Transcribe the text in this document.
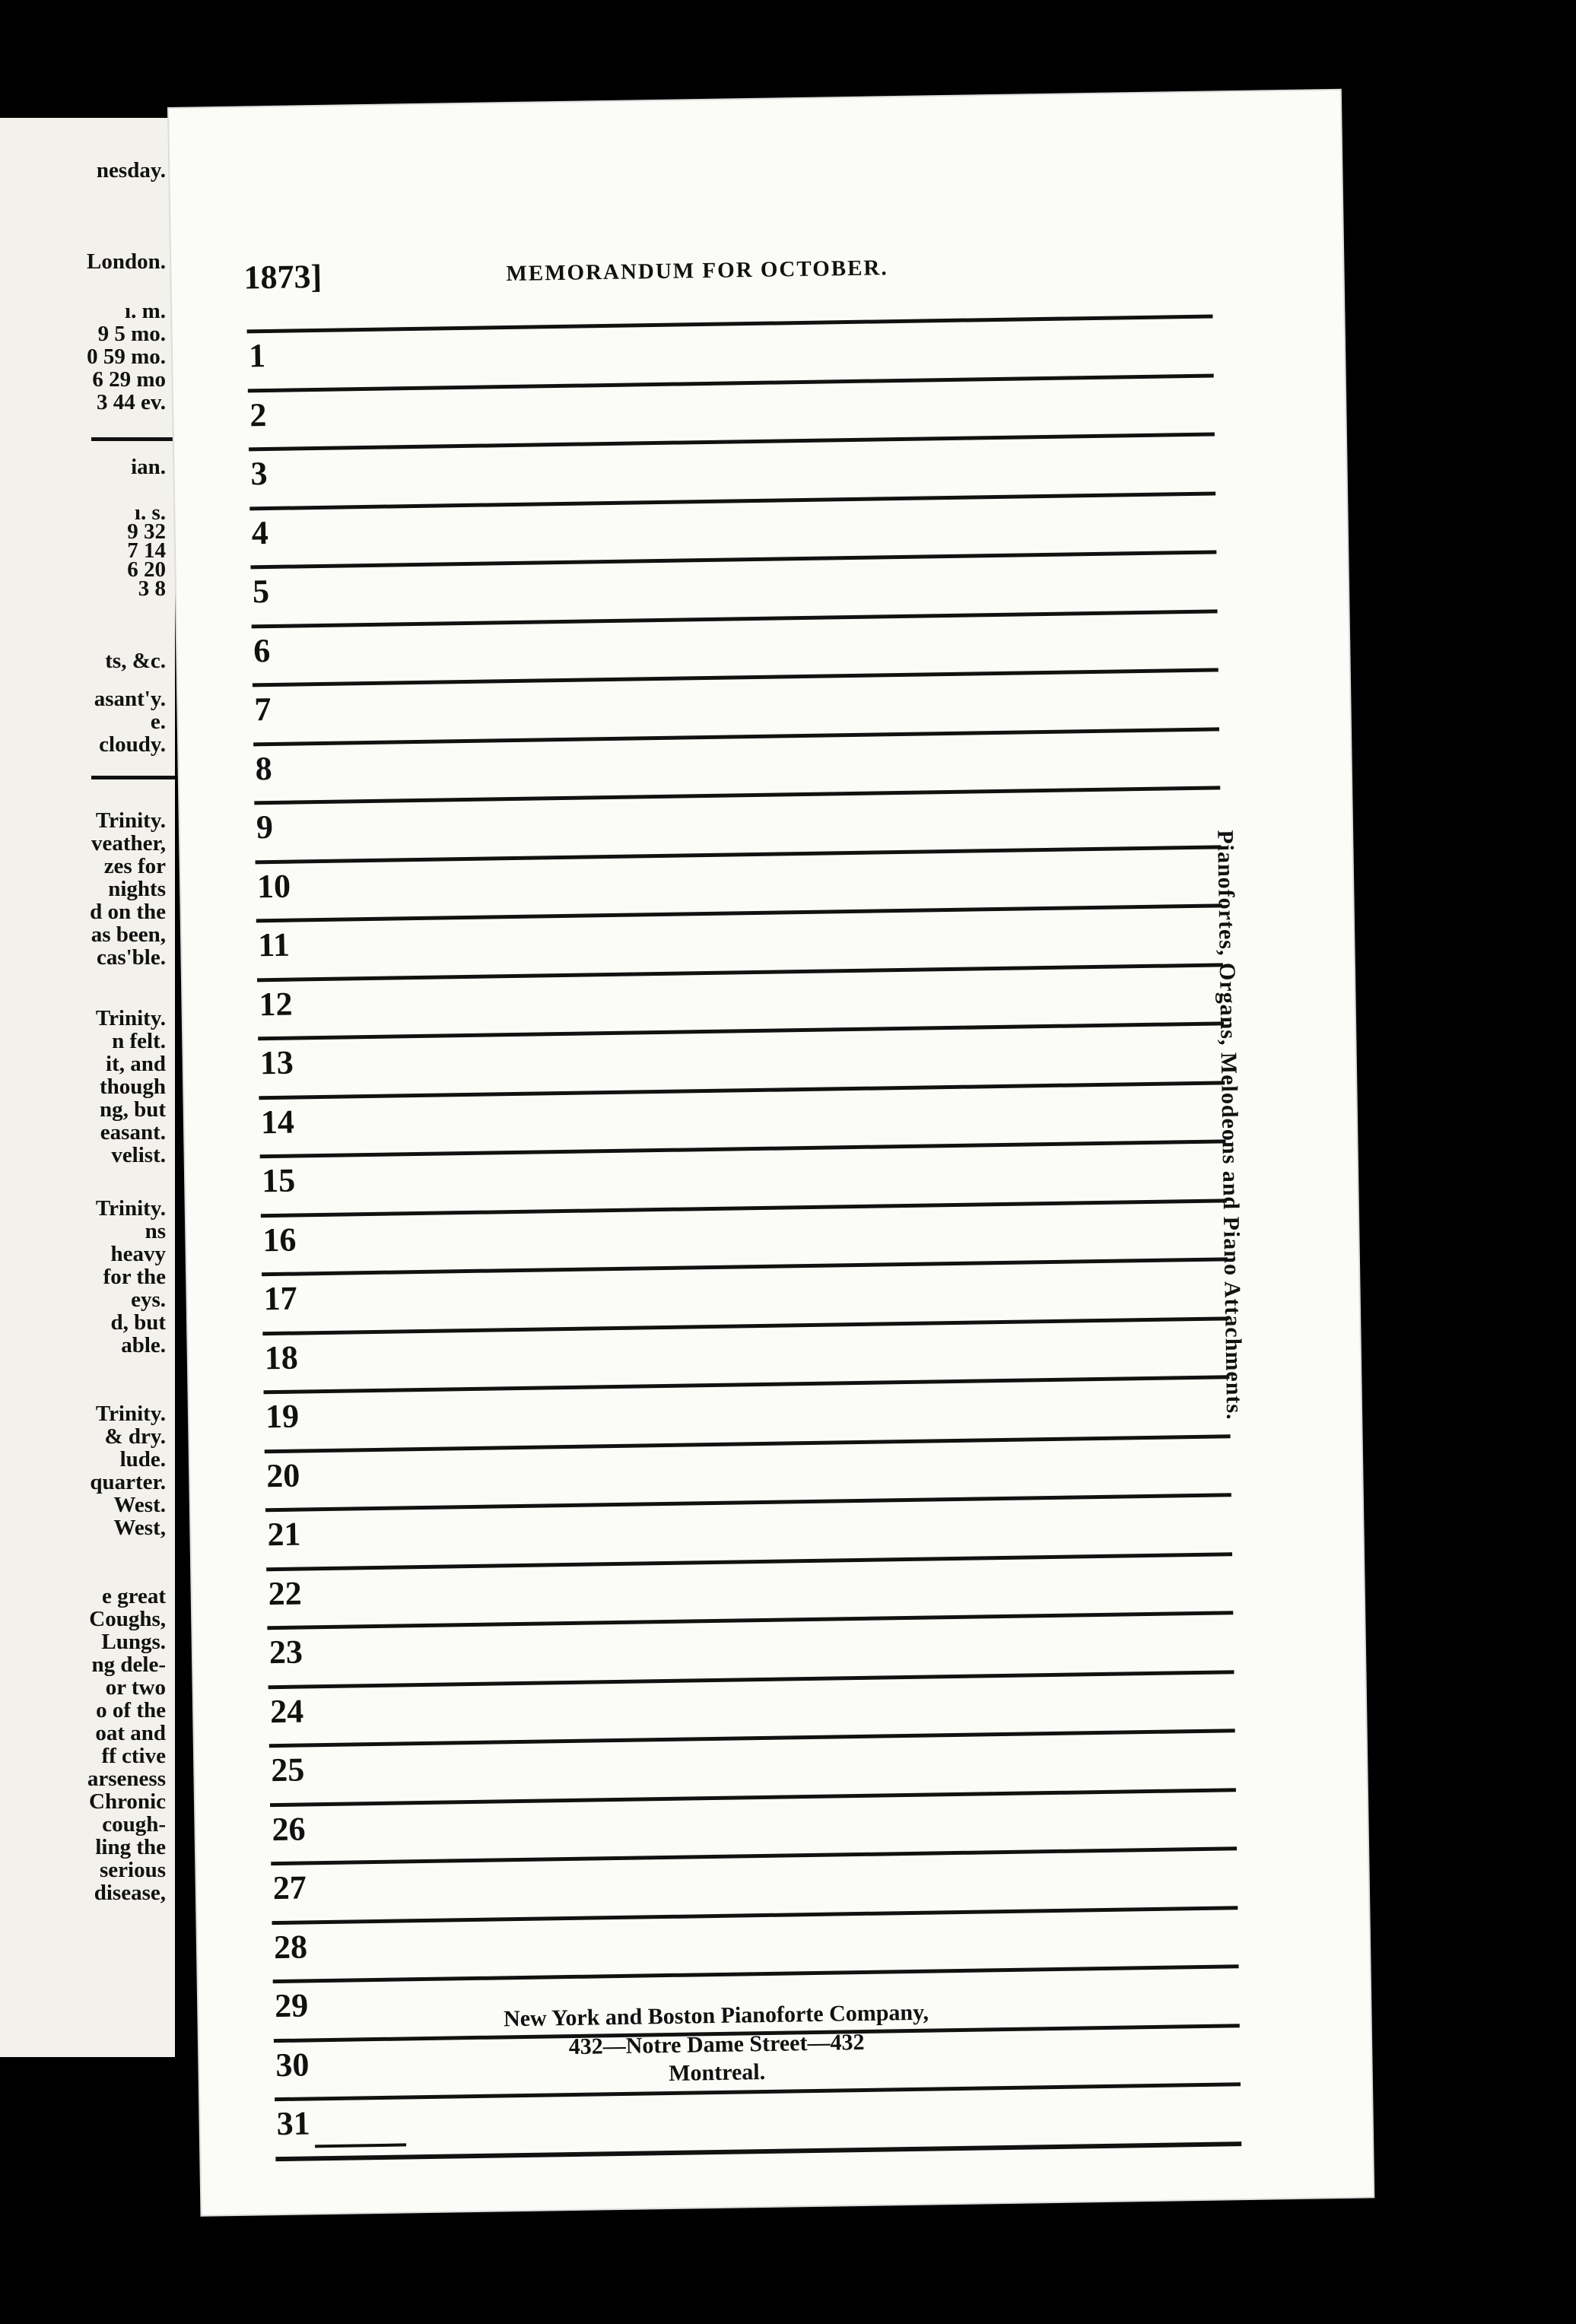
nesday.
London.
ı. m.
9 5 mo.
0 59 mo.
6 29 mo
3 44 ev.
ian.
ı. s.
9 32
7 14
6 20
3 8
ts, &c.
asant'y.
e.
cloudy.
Trinity.
veather,
zes for
nights
d on the
as been,
cas'ble.
Trinity.
n felt.
it, and
though
ng, but
easant.
velist.
Trinity.
ns
heavy
for the
eys.
d, but
able.
Trinity.
& dry.
lude.
quarter.
West.
West,
e great
Coughs,
Lungs.
ng dele-
or two
o of the
oat and
ff ctive
arseness
Chronic
cough-
ling the
serious
disease,
1873]	MEMORANDUM FOR OCTOBER.
1
2
3
4
5
6
7
8
9
10
11
12
13
14
15
16
17
18
19
20
21
22
23
24
25
26
27
28
29
30
31
Pianofortes, Organs, Melodeons and Piano Attachments.
New York and Boston Pianoforte Company,
432—Notre Dame Street—432
Montreal.
